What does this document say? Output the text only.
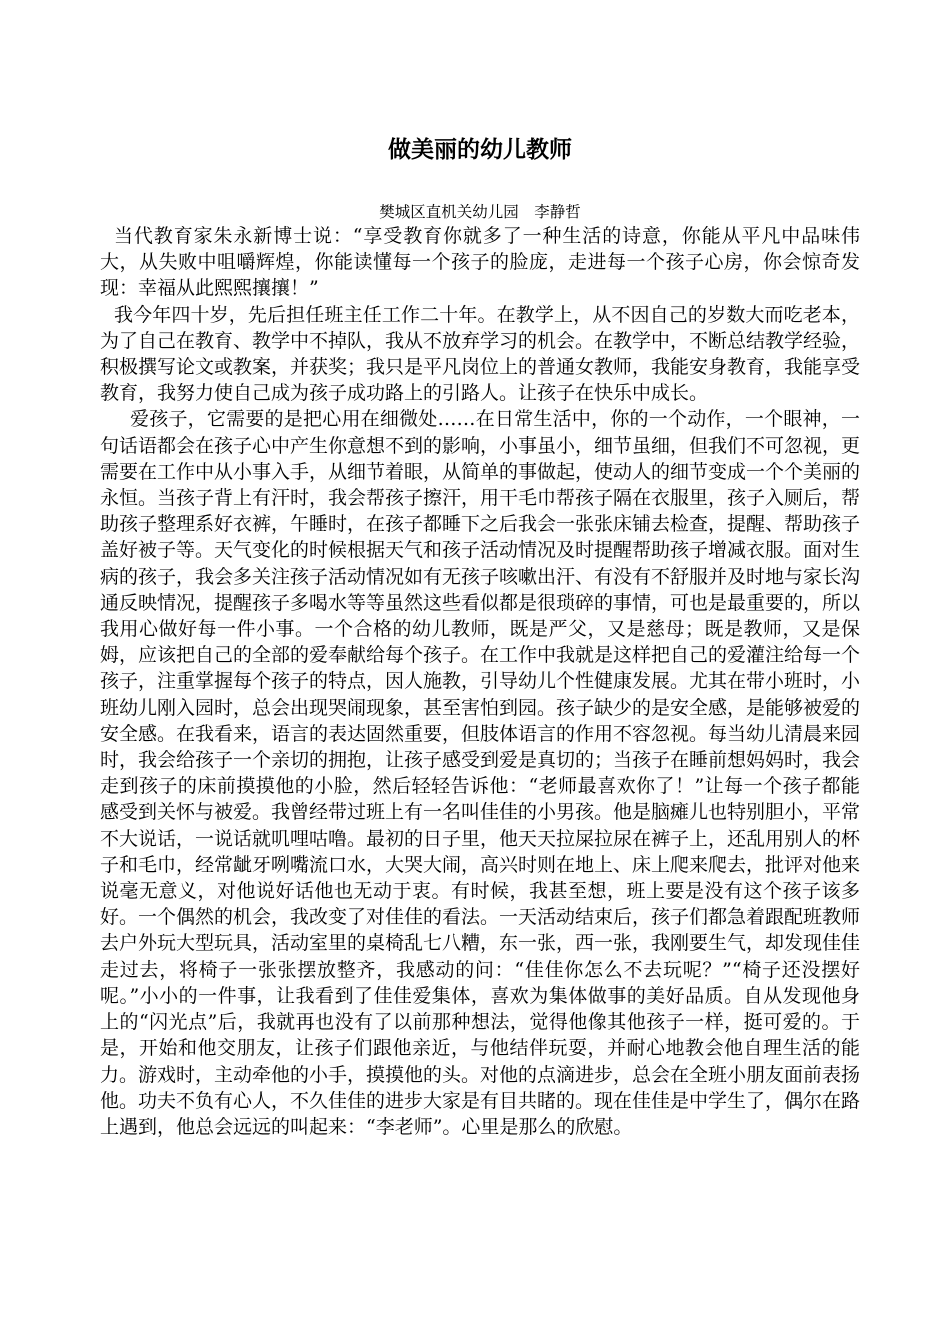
做美丽的幼儿教师

樊城区直机关幼儿园　李静哲

当代教育家朱永新博士说：“享受教育你就多了一种生活的诗意，你能从平凡中品味伟大，从失败中咀嚼辉煌，你能读懂每一个孩子的脸庞，走进每一个孩子心房，你会惊奇发现：幸福从此熙熙攘攘！”

我今年四十岁，先后担任班主任工作二十年。在教学上，从不因自己的岁数大而吃老本，为了自己在教育、教学中不掉队，我从不放弃学习的机会。在教学中，不断总结教学经验，积极撰写论文或教案，并获奖；我只是平凡岗位上的普通女教师，我能安身教育，我能享受教育，我努力使自己成为孩子成功路上的引路人。让孩子在快乐中成长。

爱孩子，它需要的是把心用在细微处……在日常生活中，你的一个动作，一个眼神，一句话语都会在孩子心中产生你意想不到的影响，小事虽小，细节虽细，但我们不可忽视，更需要在工作中从小事入手，从细节着眼，从简单的事做起，使动人的细节变成一个个美丽的永恒。当孩子背上有汗时，我会帮孩子擦汗，用干毛巾帮孩子隔在衣服里，孩子入厕后，帮助孩子整理系好衣裤，午睡时，在孩子都睡下之后我会一张张床铺去检查，提醒、帮助孩子盖好被子等。天气变化的时候根据天气和孩子活动情况及时提醒帮助孩子增减衣服。面对生病的孩子，我会多关注孩子活动情况如有无孩子咳嗽出汗、有没有不舒服并及时地与家长沟通反映情况，提醒孩子多喝水等等虽然这些看似都是很琐碎的事情，可也是最重要的，所以我用心做好每一件小事。一个合格的幼儿教师，既是严父，又是慈母；既是教师，又是保姆，应该把自己的全部的爱奉献给每个孩子。在工作中我就是这样把自己的爱灌注给每一个孩子，注重掌握每个孩子的特点，因人施教，引导幼儿个性健康发展。尤其在带小班时，小班幼儿刚入园时，总会出现哭闹现象，甚至害怕到园。孩子缺少的是安全感，是能够被爱的安全感。在我看来，语言的表达固然重要，但肢体语言的作用不容忽视。每当幼儿清晨来园时，我会给孩子一个亲切的拥抱，让孩子感受到爱是真切的；当孩子在睡前想妈妈时，我会走到孩子的床前摸摸他的小脸，然后轻轻告诉他：“老师最喜欢你了！”让每一个孩子都能感受到关怀与被爱。我曾经带过班上有一名叫佳佳的小男孩。他是脑瘫儿也特别胆小，平常不大说话，一说话就叽哩咕噜。最初的日子里，他天天拉屎拉尿在裤子上，还乱用别人的杯子和毛巾，经常龇牙咧嘴流口水，大哭大闹，高兴时则在地上、床上爬来爬去，批评对他来说毫无意义，对他说好话他也无动于衷。有时候，我甚至想，班上要是没有这个孩子该多好。一个偶然的机会，我改变了对佳佳的看法。一天活动结束后，孩子们都急着跟配班教师去户外玩大型玩具，活动室里的桌椅乱七八糟，东一张，西一张，我刚要生气，却发现佳佳走过去，将椅子一张张摆放整齐，我感动的问：“佳佳你怎么不去玩呢？”“椅子还没摆好呢。”小小的一件事，让我看到了佳佳爱集体，喜欢为集体做事的美好品质。自从发现他身上的“闪光点”后，我就再也没有了以前那种想法，觉得他像其他孩子一样，挺可爱的。于是，开始和他交朋友，让孩子们跟他亲近，与他结伴玩耍，并耐心地教会他自理生活的能力。游戏时，主动牵他的小手，摸摸他的头。对他的点滴进步，总会在全班小朋友面前表扬他。功夫不负有心人，不久佳佳的进步大家是有目共睹的。现在佳佳是中学生了，偶尔在路上遇到，他总会远远的叫起来：“李老师”。心里是那么的欣慰。
